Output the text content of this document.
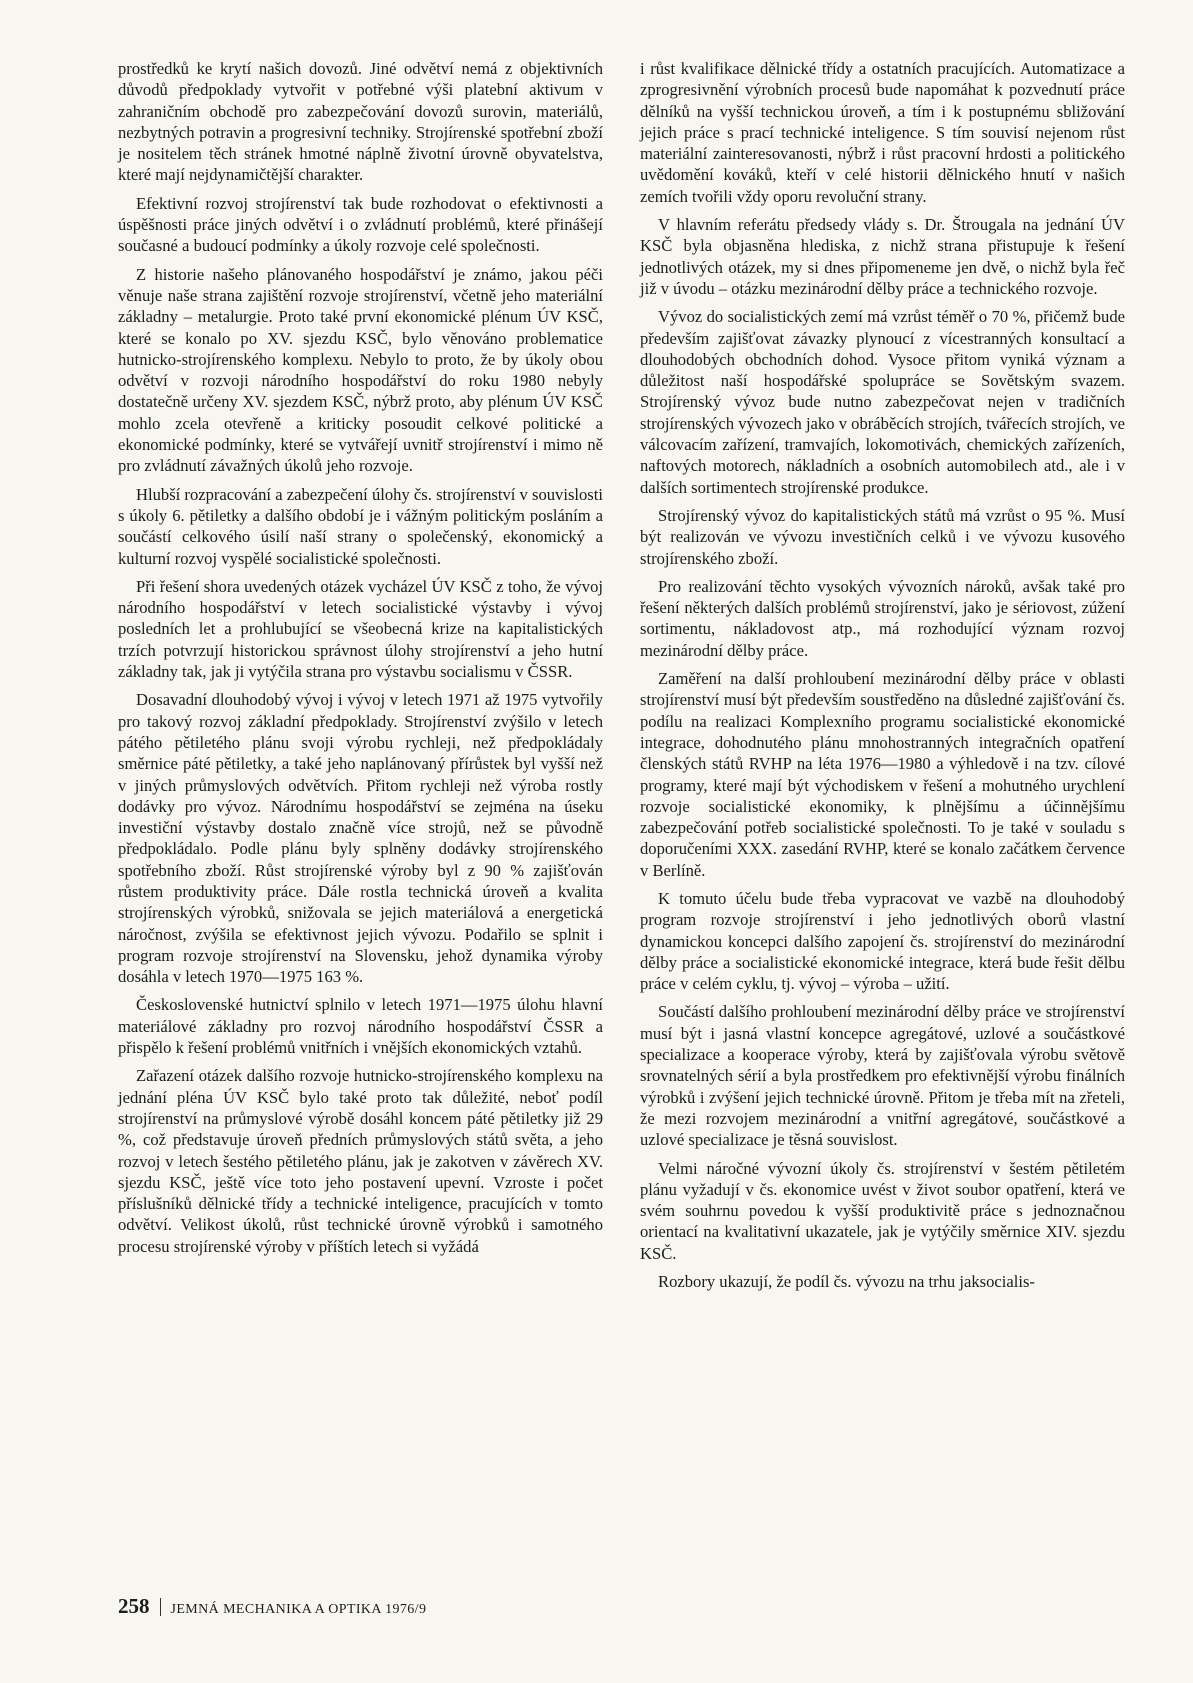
prostředků ke krytí našich dovozů. Jiné odvětví nemá z objektivních důvodů předpoklady vytvořit v potřebné výši platební aktivum v zahraničním obchodě pro zabezpečování dovozů surovin, materiálů, nezbytných potravin a progresivní techniky. Strojírenské spotřební zboží je nositelem těch stránek hmotné náplně životní úrovně obyvatelstva, které mají nejdynamičtější charakter.

Efektivní rozvoj strojírenství tak bude rozhodovat o efektivnosti a úspěšnosti práce jiných odvětví i o zvládnutí problémů, které přinášejí současné a budoucí podmínky a úkoly rozvoje celé společnosti.

Z historie našeho plánovaného hospodářství je známo, jakou péči věnuje naše strana zajištění rozvoje strojírenství, včetně jeho materiální základny – metalurgie. Proto také první ekonomické plénum ÚV KSČ, které se konalo po XV. sjezdu KSČ, bylo věnováno problematice hutnicko-strojírenského komplexu. Nebylo to proto, že by úkoly obou odvětví v rozvoji národního hospodářství do roku 1980 nebyly dostatečně určeny XV. sjezdem KSČ, nýbrž proto, aby plénum ÚV KSČ mohlo zcela otevřeně a kriticky posoudit celkové politické a ekonomické podmínky, které se vytvářejí uvnitř strojírenství i mimo ně pro zvládnutí závažných úkolů jeho rozvoje.

Hlubší rozpracování a zabezpečení úlohy čs. strojírenství v souvislosti s úkoly 6. pětiletky a dalšího období je i vážným politickým posláním a součástí celkového úsilí naší strany o společenský, ekonomický a kulturní rozvoj vyspělé socialistické společnosti.

Při řešení shora uvedených otázek vycházel ÚV KSČ z toho, že vývoj národního hospodářství v letech socialistické výstavby i vývoj posledních let a prohlubující se všeobecná krize na kapitalistických trzích potvrzují historickou správnost úlohy strojírenství a jeho hutní základny tak, jak ji vytýčila strana pro výstavbu socialismu v ČSSR.

Dosavadní dlouhodobý vývoj i vývoj v letech 1971 až 1975 vytvořily pro takový rozvoj základní předpoklady. Strojírenství zvýšilo v letech pátého pětiletého plánu svoji výrobu rychleji, než předpokládaly směrnice páté pětiletky, a také jeho naplánovaný přírůstek byl vyšší než v jiných průmyslových odvětvích. Přitom rychleji než výroba rostly dodávky pro vývoz. Národnímu hospodářství se zejména na úseku investiční výstavby dostalo značně více strojů, než se původně předpokládalo. Podle plánu byly splněny dodávky strojírenského spotřebního zboží. Růst strojírenské výroby byl z 90 % zajišťován růstem produktivity práce. Dále rostla technická úroveň a kvalita strojírenských výrobků, snižovala se jejich materiálová a energetická náročnost, zvýšila se efektivnost jejich vývozu. Podařilo se splnit i program rozvoje strojírenství na Slovensku, jehož dynamika výroby dosáhla v letech 1970—1975 163 %.

Československé hutnictví splnilo v letech 1971—1975 úlohu hlavní materiálové základny pro rozvoj národního hospodářství ČSSR a přispělo k řešení problémů vnitřních i vnějších ekonomických vztahů.

Zařazení otázek dalšího rozvoje hutnicko-strojírenského komplexu na jednání pléna ÚV KSČ bylo také proto tak důležité, neboť podíl strojírenství na průmyslové výrobě dosáhl koncem páté pětiletky již 29 %, což představuje úroveň předních průmyslových států světa, a jeho rozvoj v letech šestého pětiletého plánu, jak je zakotven v závěrech XV. sjezdu KSČ, ještě více toto jeho postavení upevní. Vzroste i počet příslušníků dělnické třídy a technické inteligence, pracujících v tomto odvětví. Velikost úkolů, růst technické úrovně výrobků i samotného procesu strojírenské výroby v příštích letech si vyžádá

i růst kvalifikace dělnické třídy a ostatních pracujících. Automatizace a zprogresivnění výrobních procesů bude napomáhat k pozvednutí práce dělníků na vyšší technickou úroveň, a tím i k postupnému sbližování jejich práce s prací technické inteligence. S tím souvisí nejenom růst materiální zainteresovanosti, nýbrž i růst pracovní hrdosti a politického uvědomění kováků, kteří v celé historii dělnického hnutí v našich zemích tvořili vždy oporu revoluční strany.

V hlavním referátu předsedy vlády s. Dr. Štrougala na jednání ÚV KSČ byla objasněna hlediska, z nichž strana přistupuje k řešení jednotlivých otázek, my si dnes připomeneme jen dvě, o nichž byla řeč již v úvodu – otázku mezinárodní dělby práce a technického rozvoje.

Vývoz do socialistických zemí má vzrůst téměř o 70 %, přičemž bude především zajišťovat závazky plynoucí z vícestranných konsultací a dlouhodobých obchodních dohod. Vysoce přitom vyniká význam a důležitost naší hospodářské spolupráce se Sovětským svazem. Strojírenský vývoz bude nutno zabezpečovat nejen v tradičních strojírenských vývozech jako v obráběcích strojích, tvářecích strojích, ve válcovacím zařízení, tramvajích, lokomotivách, chemických zařízeních, naftových motorech, nákladních a osobních automobilech atd., ale i v dalších sortimentech strojírenské produkce.

Strojírenský vývoz do kapitalistických států má vzrůst o 95 %. Musí být realizován ve vývozu investičních celků i ve vývozu kusového strojírenského zboží.

Pro realizování těchto vysokých vývozních nároků, avšak také pro řešení některých dalších problémů strojírenství, jako je sériovost, zúžení sortimentu, nákladovost atp., má rozhodující význam rozvoj mezinárodní dělby práce.

Zaměření na další prohloubení mezinárodní dělby práce v oblasti strojírenství musí být především soustředěno na důsledné zajišťování čs. podílu na realizaci Komplexního programu socialistické ekonomické integrace, dohodnutého plánu mnohostranných integračních opatření členských států RVHP na léta 1976—1980 a výhledově i na tzv. cílové programy, které mají být východiskem v řešení a mohutného urychlení rozvoje socialistické ekonomiky, k plnějšímu a účinnějšímu zabezpečování potřeb socialistické společnosti. To je také v souladu s doporučeními XXX. zasedání RVHP, které se konalo začátkem července v Berlíně.

K tomuto účelu bude třeba vypracovat ve vazbě na dlouhodobý program rozvoje strojírenství i jeho jednotlivých oborů vlastní dynamickou koncepci dalšího zapojení čs. strojírenství do mezinárodní dělby práce a socialistické ekonomické integrace, která bude řešit dělbu práce v celém cyklu, tj. vývoj – výroba – užití.

Součástí dalšího prohloubení mezinárodní dělby práce ve strojírenství musí být i jasná vlastní koncepce agregátové, uzlové a součástkové specializace a kooperace výroby, která by zajišťovala výrobu světově srovnatelných sérií a byla prostředkem pro efektivnější výrobu finálních výrobků i zvýšení jejich technické úrovně. Přitom je třeba mít na zřeteli, že mezi rozvojem mezinárodní a vnitřní agregátové, součástkové a uzlové specializace je těsná souvislost.

Velmi náročné vývozní úkoly čs. strojírenství v šestém pětiletém plánu vyžadují v čs. ekonomice uvést v život soubor opatření, která ve svém souhrnu povedou k vyšší produktivitě práce s jednoznačnou orientací na kvalitativní ukazatele, jak je vytýčily směrnice XIV. sjezdu KSČ.

Rozbory ukazují, že podíl čs. vývozu na trhu jaksocialis-

258 JEMNÁ MECHANIKA A OPTIKA 1976/9
